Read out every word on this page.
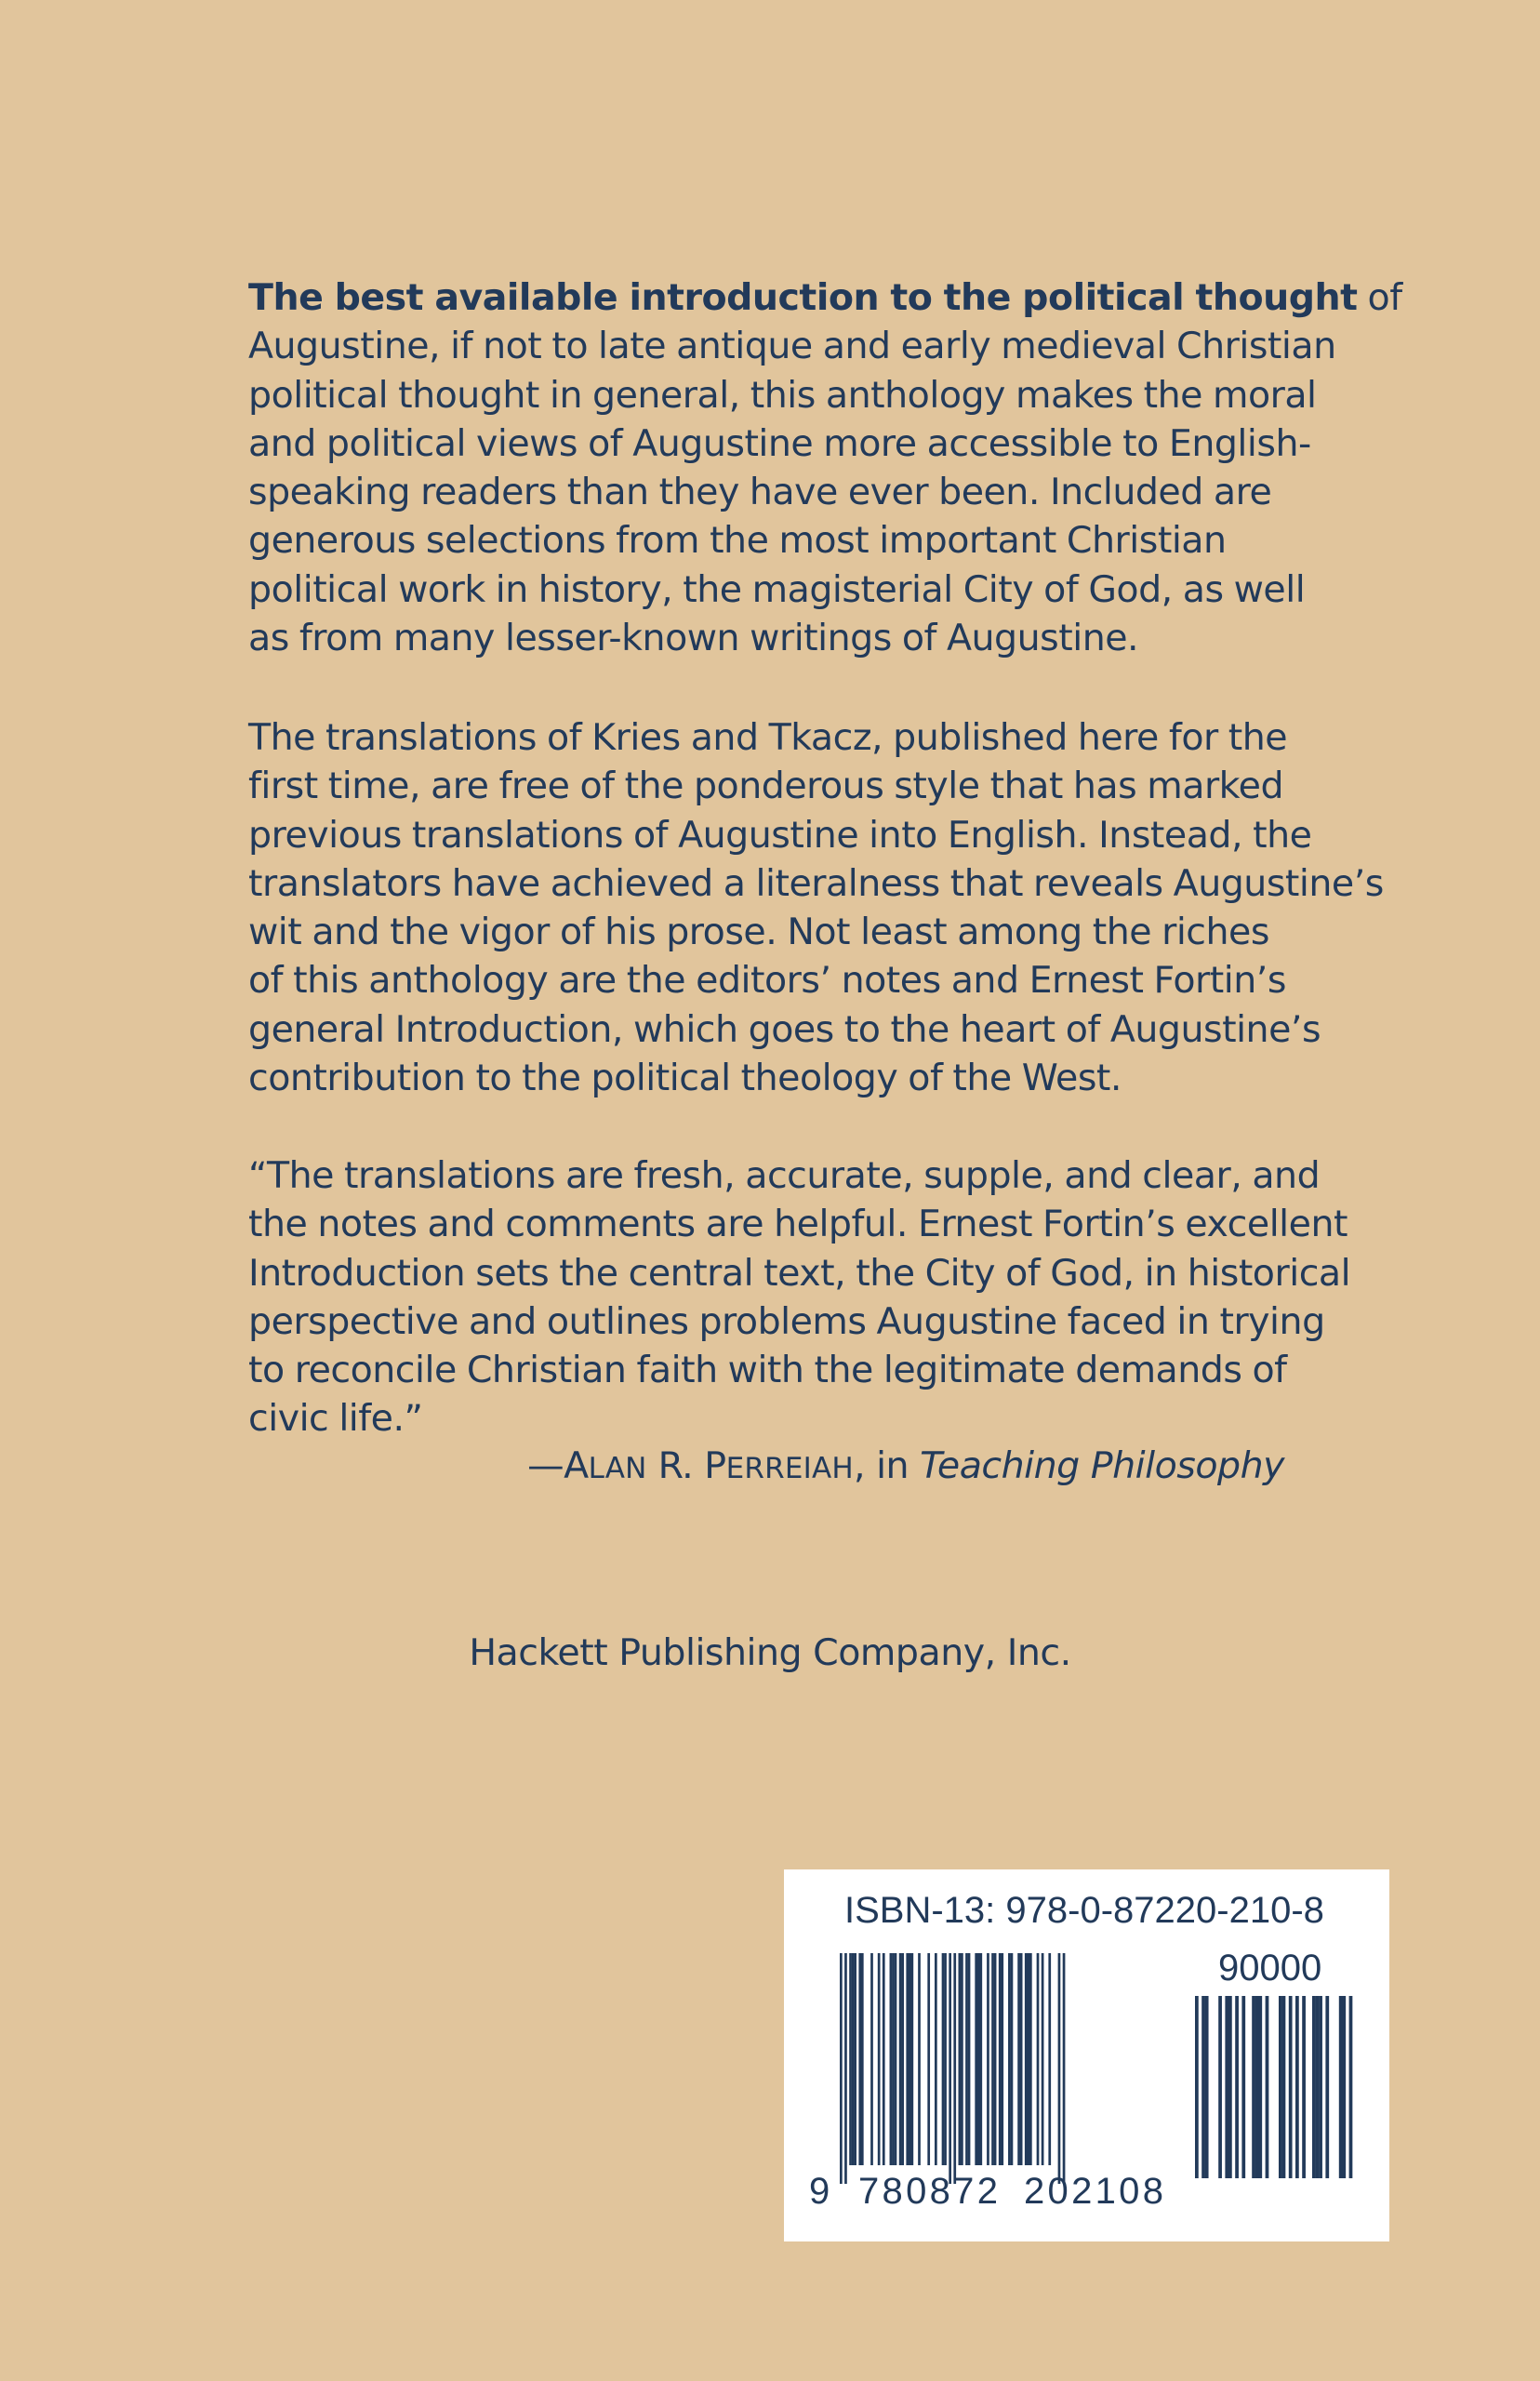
The best available introduction to the political thought of
Augustine, if not to late antique and early medieval Christian
political thought in general, this anthology makes the moral
and political views of Augustine more accessible to English-
speaking readers than they have ever been. Included are
generous selections from the most important Christian
political work in history, the magisterial City of God, as well
as from many lesser-known writings of Augustine.
The translations of Kries and Tkacz, published here for the
first time, are free of the ponderous style that has marked
previous translations of Augustine into English. Instead, the
translators have achieved a literalness that reveals Augustine’s
wit and the vigor of his prose. Not least among the riches
of this anthology are the editors’ notes and Ernest Fortin’s
general Introduction, which goes to the heart of Augustine’s
contribution to the political theology of the West.
“The translations are fresh, accurate, supple, and clear, and
the notes and comments are helpful. Ernest Fortin’s excellent
Introduction sets the central text, the City of God, in historical
perspective and outlines problems Augustine faced in trying
to reconcile Christian faith with the legitimate demands of
civic life.”
—ALAN R. PERREIAH, in Teaching Philosophy
Hackett Publishing Company, Inc.
ISBN-13: 978-0-87220-210-8
90000
9 780872 202108
